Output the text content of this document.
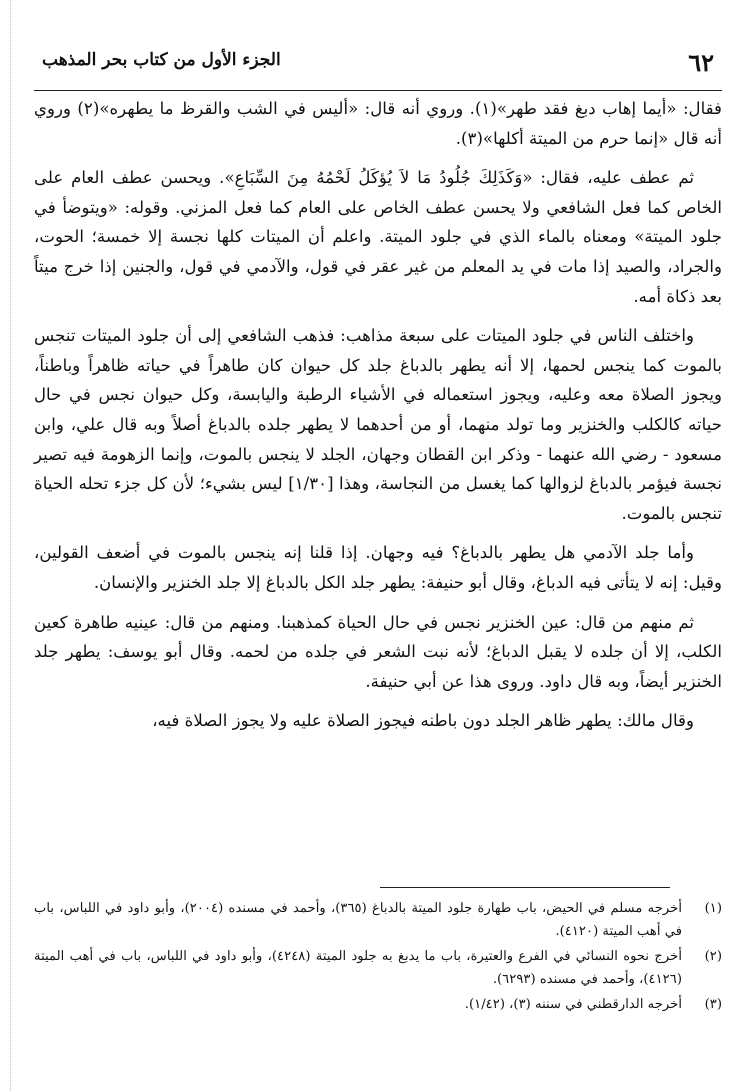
٦٢
الجزء الأول من كتاب بحر المذهب

فقال: «أيما إهاب دبغ فقد طهر»(١). وروي أنه قال: «أليس في الشب والقرظ ما يطهره»(٢) وروي أنه قال «إنما حرم من الميتة أكلها»(٣).

ثم عطف عليه، فقال: «وَكَذَلِكَ جُلُودُ مَا لاَ يُؤكَلُ لَحْمُهُ مِنَ السِّبَاعِ». ويحسن عطف العام على الخاص كما فعل الشافعي ولا يحسن عطف الخاص على العام كما فعل المزني. وقوله: «ويتوضأ في جلود الميتة» ومعناه بالماء الذي في جلود الميتة. واعلم أن الميتات كلها نجسة إلا خمسة؛ الحوت، والجراد، والصيد إذا مات في يد المعلم من غير عقر في قول، والآدمي في قول، والجنين إذا خرج ميتاً بعد ذكاة أمه.

واختلف الناس في جلود الميتات على سبعة مذاهب: فذهب الشافعي إلى أن جلود الميتات تنجس بالموت كما ينجس لحمها، إلا أنه يطهر بالدباغ جلد كل حيوان كان طاهراً في حياته ظاهراً وباطناً، ويجوز الصلاة معه وعليه، ويجوز استعماله في الأشياء الرطبة واليابسة، وكل حيوان نجس في حال حياته كالكلب والخنزير وما تولد منهما، أو من أحدهما لا يطهر جلده بالدباغ أصلاً وبه قال علي، وابن مسعود - رضي الله عنهما - وذكر ابن القطان وجهان، الجلد لا ينجس بالموت، وإنما الزهومة فيه تصير نجسة فيؤمر بالدباغ لزوالها كما يغسل من النجاسة، وهذا [١/٣٠] ليس بشيء؛ لأن كل جزء تحله الحياة تنجس بالموت.

وأما جلد الآدمي هل يطهر بالدباغ؟ فيه وجهان. إذا قلنا إنه ينجس بالموت في أضعف القولين، وقيل: إنه لا يتأتى فيه الدباغ، وقال أبو حنيفة: يطهر جلد الكل بالدباغ إلا جلد الخنزير والإنسان.

ثم منهم من قال: عين الخنزير نجس في حال الحياة كمذهبنا. ومنهم من قال: عينيه طاهرة كعين الكلب، إلا أن جلده لا يقبل الدباغ؛ لأنه نبت الشعر في جلده من لحمه. وقال أبو يوسف: يطهر جلد الخنزير أيضاً، وبه قال داود. وروى هذا عن أبي حنيفة.

وقال مالك: يطهر ظاهر الجلد دون باطنه فيجوز الصلاة عليه ولا يجوز الصلاة فيه،

(١)
أخرجه مسلم في الحيض، باب طهارة جلود الميتة بالدباغ (٣٦٥)، وأحمد في مسنده (٢٠٠٤)، وأبو داود في اللباس، باب في أهب الميتة (٤١٢٠).
(٢)
أخرج نحوه النسائي في الفرع والعتيرة، باب ما يدبغ به جلود الميتة (٤٢٤٨)، وأبو داود في اللباس، باب في أهب الميتة (٤١٢٦)، وأحمد في مسنده (٦٢٩٣).
(٣)
أخرجه الدارقطني في سننه (٣)، (١/٤٢).
